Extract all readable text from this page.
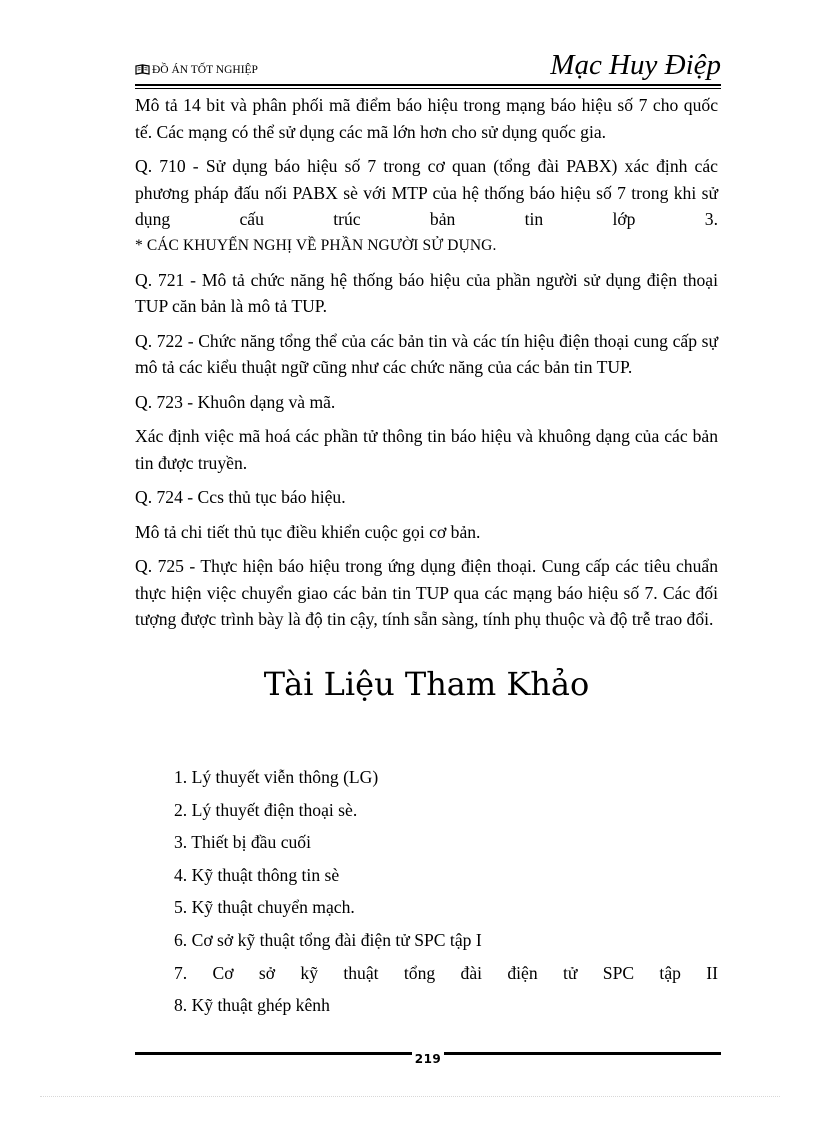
ĐỒ ÁN TỐT NGHIỆP	Mạc Huy Điệp

Mô tả 14 bit và phân phối mã điểm báo hiệu trong mạng báo hiệu số 7 cho quốc tế. Các mạng có thể sử dụng các mã lớn hơn cho sử dụng quốc gia.

Q. 710 - Sử dụng báo hiệu số 7 trong cơ quan (tổng đài PABX) xác định các phương pháp đấu nối PABX sè với MTP của hệ thống báo hiệu số 7 trong khi sử dụng cấu trúc bản tin lớp 3.

* CÁC KHUYẾN NGHỊ VỀ PHẦN NGƯỜI SỬ DỤNG.

Q. 721 - Mô tả chức năng hệ thống báo hiệu của phần người sử dụng điện thoại TUP căn bản là mô tả TUP.

Q. 722 - Chức năng tổng thể của các bản tin và các tín hiệu điện thoại cung cấp sự mô tả các kiểu thuật ngữ cũng như các chức năng của các bản tin TUP.

Q. 723 - Khuôn dạng và mã.

Xác định việc mã hoá các phần tử thông tin báo hiệu và khuông dạng của các bản tin được truyền.

Q. 724 - Ccs thủ tục báo hiệu.

Mô tả chi tiết thủ tục điều khiển cuộc gọi cơ bản.

Q. 725 - Thực hiện báo hiệu trong ứng dụng điện thoại. Cung cấp các tiêu chuẩn thực hiện việc chuyển giao các bản tin TUP qua các mạng báo hiệu số 7. Các đối tượng được trình bày là độ tin cậy, tính sẵn sàng, tính phụ thuộc và độ trễ trao đổi.

Tài Liệu Tham Khảo
1. Lý thuyết viễn thông (LG)
2. Lý thuyết điện thoại sè.
3. Thiết bị đầu cuối
4. Kỹ thuật thông tin sè
5. Kỹ thuật chuyển mạch.
6. Cơ sở kỹ thuật tổng đài điện tử SPC tập I
7. Cơ sở kỹ thuật tổng đài điện tử SPC tập II
8. Kỹ thuật ghép kênh
219
